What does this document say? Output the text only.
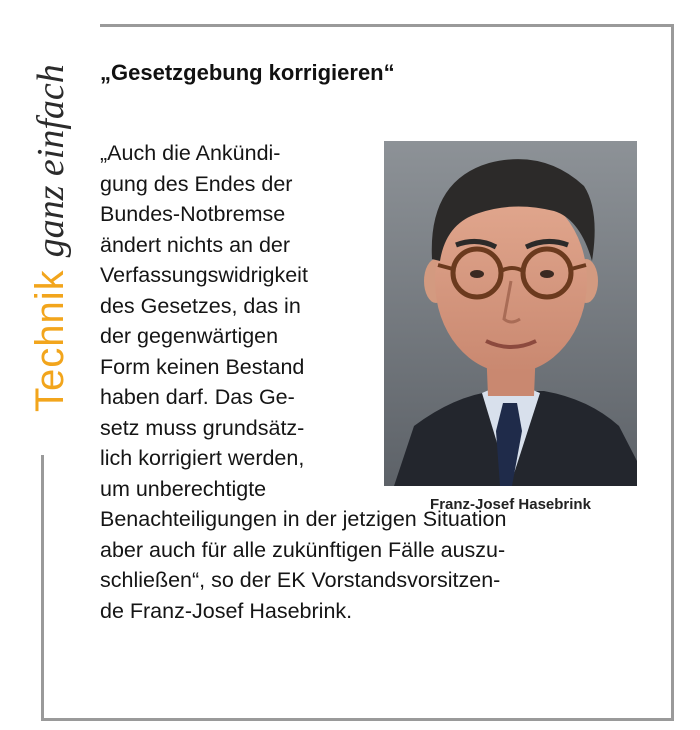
Technikganz einfach „Gesetzgebung korrigieren“
„Auch die Ankündi-
gung des Endes der
Bundes-Notbremse
ändert nichts an der
Verfassungswidrigkeit
des Gesetzes, das in
der gegenwärtigen
Form keinen Bestand
haben darf. Das Ge-
setz muss grundsätz-
lich korrigiert werden,
um unberechtigte
Benachteiligungen in der jetzigen Situation
aber auch für alle zukünftigen Fälle auszu-
schließen“, so der EK Vorstandsvorsitzen-
de Franz-Josef Hasebrink.
Franz-Josef Hasebrink
